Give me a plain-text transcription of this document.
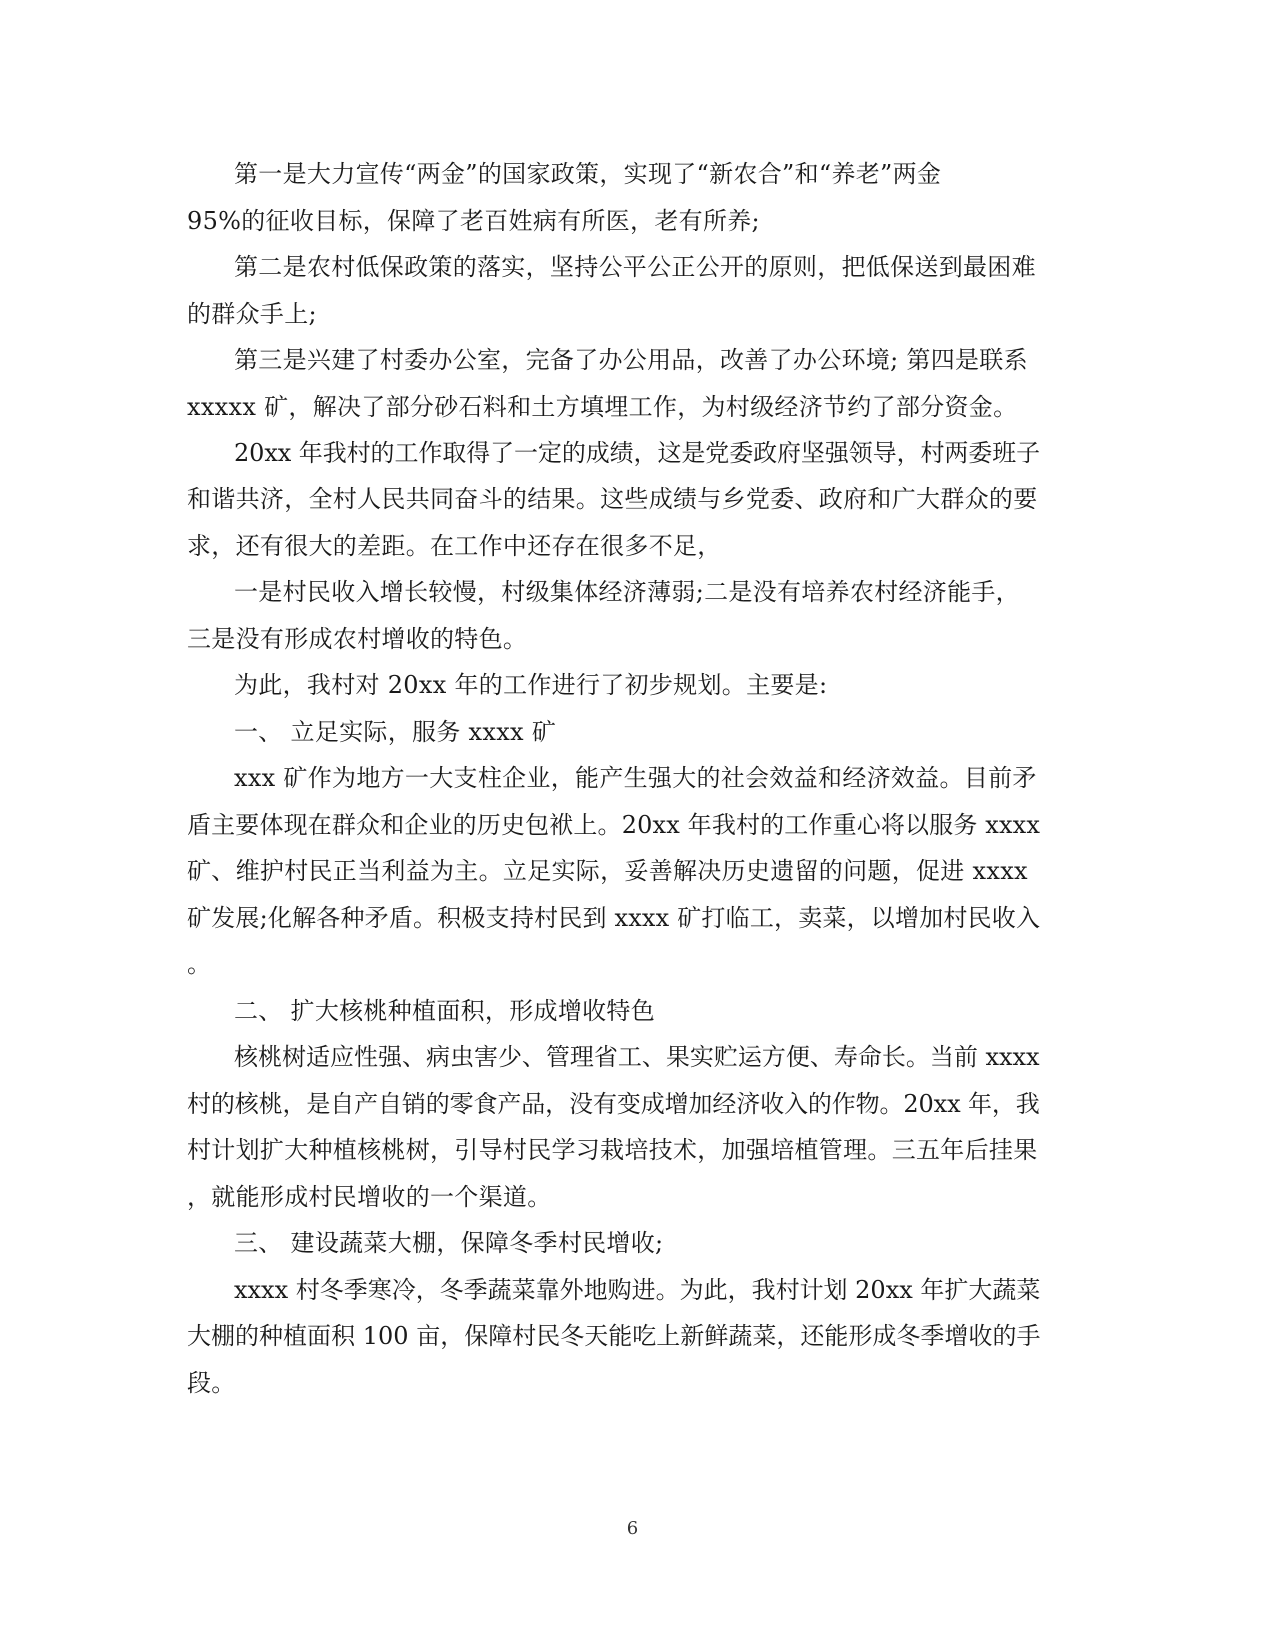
第一是大力宣传“两金”的国家政策，实现了“新农合”和“养老”两金
95%的征收目标，保障了老百姓病有所医，老有所养;
第二是农村低保政策的落实，坚持公平公正公开的原则，把低保送到最困难
的群众手上;
第三是兴建了村委办公室，完备了办公用品，改善了办公环境; 第四是联系
xxxxx 矿，解决了部分砂石料和土方填埋工作，为村级经济节约了部分资金。
20xx 年我村的工作取得了一定的成绩，这是党委政府坚强领导，村两委班子
和谐共济，全村人民共同奋斗的结果。这些成绩与乡党委、政府和广大群众的要
求，还有很大的差距。在工作中还存在很多不足，
一是村民收入增长较慢，村级集体经济薄弱;二是没有培养农村经济能手，
三是没有形成农村增收的特色。
为此，我村对 20xx 年的工作进行了初步规划。主要是:
一、 立足实际，服务 xxxx 矿
xxx 矿作为地方一大支柱企业，能产生强大的社会效益和经济效益。目前矛
盾主要体现在群众和企业的历史包袱上。20xx 年我村的工作重心将以服务 xxxx
矿、维护村民正当利益为主。立足实际，妥善解决历史遗留的问题，促进 xxxx
矿发展;化解各种矛盾。积极支持村民到 xxxx 矿打临工，卖菜，以增加村民收入
。
二、 扩大核桃种植面积，形成增收特色
核桃树适应性强、病虫害少、管理省工、果实贮运方便、寿命长。当前 xxxx
村的核桃，是自产自销的零食产品，没有变成增加经济收入的作物。20xx 年，我
村计划扩大种植核桃树，引导村民学习栽培技术，加强培植管理。三五年后挂果
，就能形成村民增收的一个渠道。
三、 建设蔬菜大棚，保障冬季村民增收;
xxxx 村冬季寒冷，冬季蔬菜靠外地购进。为此，我村计划 20xx 年扩大蔬菜
大棚的种植面积 100 亩，保障村民冬天能吃上新鲜蔬菜，还能形成冬季增收的手
段。
6
